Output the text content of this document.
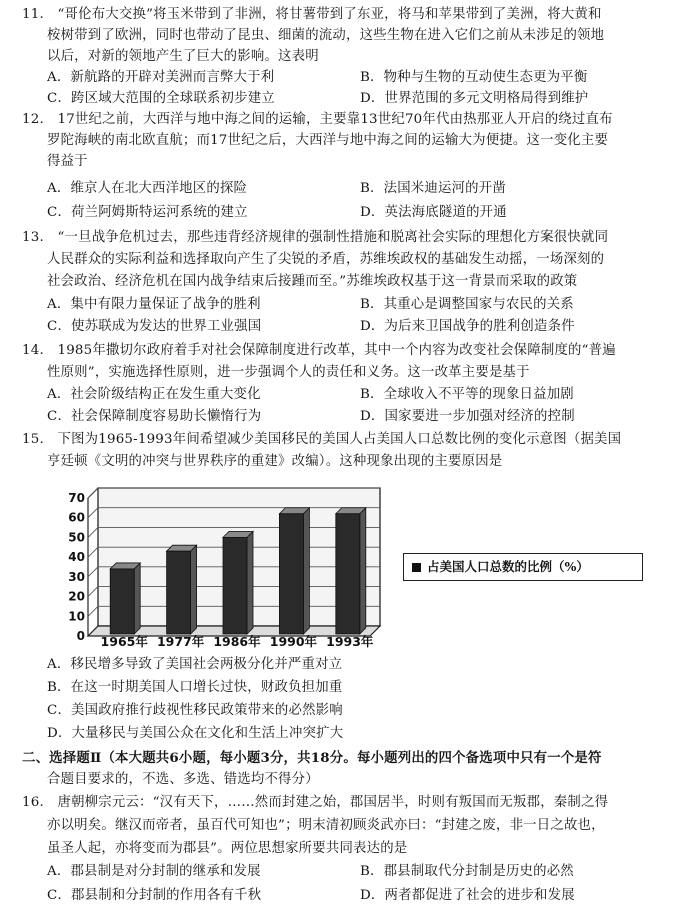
11.　“哥伦布大交换”将玉米带到了非洲，将甘薯带到了东亚，将马和苹果带到了美洲，将大黄和
桉树带到了欧洲，同时也带动了昆虫、细菌的流动，这些生物在进入它们之前从未涉足的领地
以后，对新的领地产生了巨大的影响。这表明
A．新航路的开辟对美洲而言弊大于利	B．物种与生物的互动使生态更为平衡
C．跨区域大范围的全球联系初步建立	D．世界范围的多元文明格局得到维护
12.　17世纪之前，大西洋与地中海之间的运输，主要靠13世纪70年代由热那亚人开启的绕过直布
罗陀海峡的南北欧直航；而17世纪之后，大西洋与地中海之间的运输大为便捷。这一变化主要
得益于
A．维京人在北大西洋地区的探险	B．法国米迪运河的开凿
C．荷兰阿姆斯特运河系统的建立	D．英法海底隧道的开通
13.　“一旦战争危机过去，那些违背经济规律的强制性措施和脱离社会实际的理想化方案很快就同
人民群众的实际利益和选择取向产生了尖锐的矛盾，苏维埃政权的基础发生动摇，一场深刻的
社会政治、经济危机在国内战争结束后接踵而至。”苏维埃政权基于这一背景而采取的政策
A．集中有限力量保证了战争的胜利	B．其重心是调整国家与农民的关系
C．使苏联成为发达的世界工业强国	D．为后来卫国战争的胜利创造条件
14.　1985年撒切尔政府着手对社会保障制度进行改革，其中一个内容为改变社会保障制度的“普遍
性原则”，实施选择性原则，进一步强调个人的责任和义务。这一改革主要是基于
A．社会阶级结构正在发生重大变化	B．全球收入不平等的现象日益加剧
C．社会保障制度容易助长懒惰行为	D．国家要进一步加强对经济的控制
15.　下图为1965-1993年间希望减少美国移民的美国人占美国人口总数比例的变化示意图（据美国
亨廷顿《文明的冲突与世界秩序的重建》改编）。这种现象出现的主要原因是
0
10
20
30
40
50
60
70
1965年 1977年 1986年 1990年 1993年
占美国人口总数的比例（%）
A．移民增多导致了美国社会两极分化并严重对立
B．在这一时期美国人口增长过快，财政负担加重
C．美国政府推行歧视性移民政策带来的必然影响
D．大量移民与美国公众在文化和生活上冲突扩大
二、选择题Ⅱ（本大题共6小题，每小题3分，共18分。每小题列出的四个备选项中只有一个是符
合题目要求的，不选、多选、错选均不得分）
16.　唐朝柳宗元云：“汉有天下，……然而封建之始，郡国居半，时则有叛国而无叛郡，秦制之得
亦以明矣。继汉而帝者，虽百代可知也”；明末清初顾炎武亦曰：“封建之废，非一日之故也，
虽圣人起，亦将变而为郡县”。两位思想家所要共同表达的是
A．郡县制是对分封制的继承和发展	B．郡县制取代分封制是历史的必然
C．郡县制和分封制的作用各有千秋	D．两者都促进了社会的进步和发展
